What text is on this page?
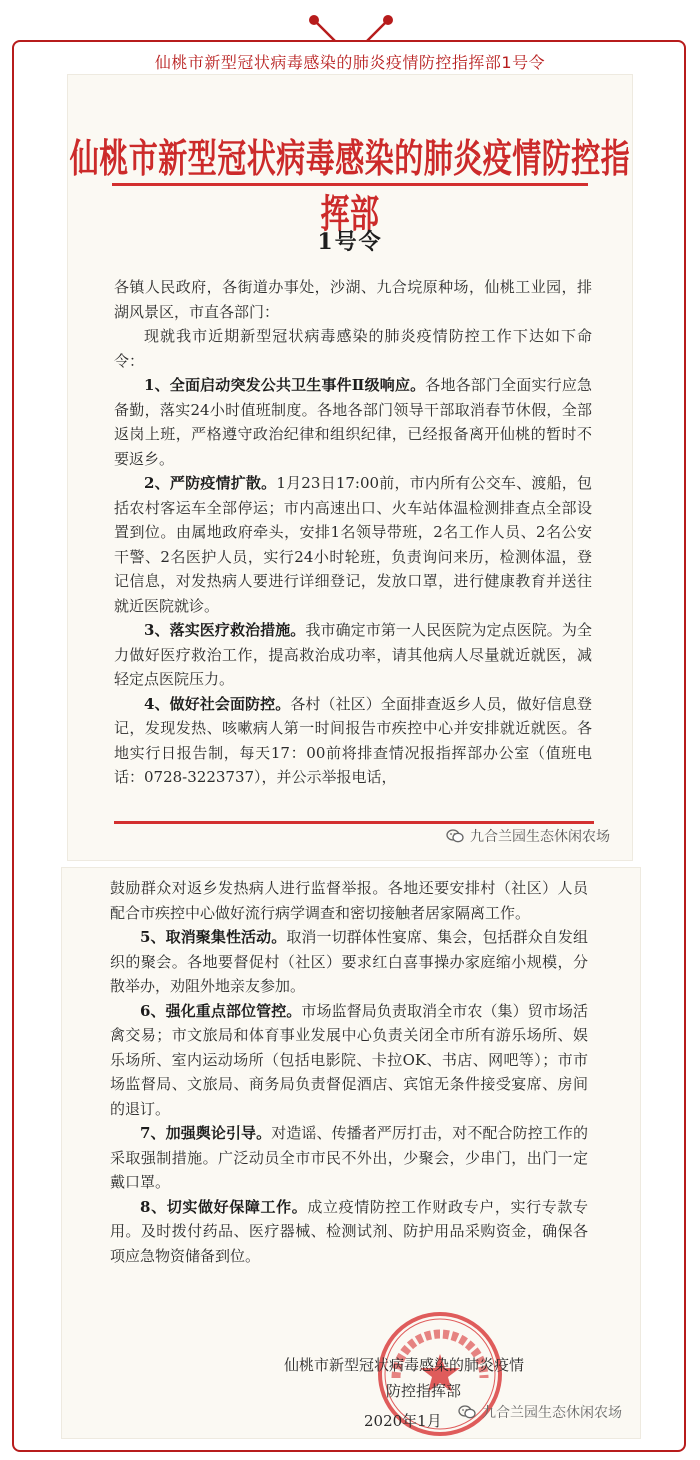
仙桃市新型冠状病毒感染的肺炎疫情防控指挥部1号令
仙桃市新型冠状病毒感染的肺炎疫情防控指挥部
1号令

各镇人民政府，各街道办事处，沙湖、九合垸原种场，仙桃工业园，排湖风景区，市直各部门：

现就我市近期新型冠状病毒感染的肺炎疫情防控工作下达如下命令：

1、全面启动突发公共卫生事件Ⅱ级响应。各地各部门全面实行应急备勤，落实24小时值班制度。各地各部门领导干部取消春节休假，全部返岗上班，严格遵守政治纪律和组织纪律，已经报备离开仙桃的暂时不要返乡。

2、严防疫情扩散。1月23日17:00前，市内所有公交车、渡船，包括农村客运车全部停运；市内高速出口、火车站体温检测排查点全部设置到位。由属地政府牵头，安排1名领导带班，2名工作人员、2名公安干警、2名医护人员，实行24小时轮班，负责询问来历，检测体温，登记信息，对发热病人要进行详细登记，发放口罩，进行健康教育并送往就近医院就诊。

3、落实医疗救治措施。我市确定市第一人民医院为定点医院。为全力做好医疗救治工作，提高救治成功率，请其他病人尽量就近就医，减轻定点医院压力。

4、做好社会面防控。各村（社区）全面排查返乡人员，做好信息登记，发现发热、咳嗽病人第一时间报告市疾控中心并安排就近就医。各地实行日报告制，每天17：00前将排查情况报指挥部办公室（值班电话：0728-3223737），并公示举报电话，

九合兰园生态休闲农场

鼓励群众对返乡发热病人进行监督举报。各地还要安排村（社区）人员配合市疾控中心做好流行病学调查和密切接触者居家隔离工作。

5、取消聚集性活动。取消一切群体性宴席、集会，包括群众自发组织的聚会。各地要督促村（社区）要求红白喜事操办家庭缩小规模，分散举办，劝阻外地亲友参加。

6、强化重点部位管控。市场监督局负责取消全市农（集）贸市场活禽交易；市文旅局和体育事业发展中心负责关闭全市所有游乐场所、娱乐场所、室内运动场所（包括电影院、卡拉OK、书店、网吧等）；市市场监督局、文旅局、商务局负责督促酒店、宾馆无条件接受宴席、房间的退订。

7、加强舆论引导。对造谣、传播者严厉打击，对不配合防控工作的采取强制措施。广泛动员全市市民不外出，少聚会，少串门，出门一定戴口罩。

8、切实做好保障工作。成立疫情防控工作财政专户，实行专款专用。及时拨付药品、医疗器械、检测试剂、防护用品采购资金，确保各项应急物资储备到位。

仙桃市新型冠状病毒感染的肺炎疫情
防控指挥部
2020年1月	九合兰园生态休闲农场
